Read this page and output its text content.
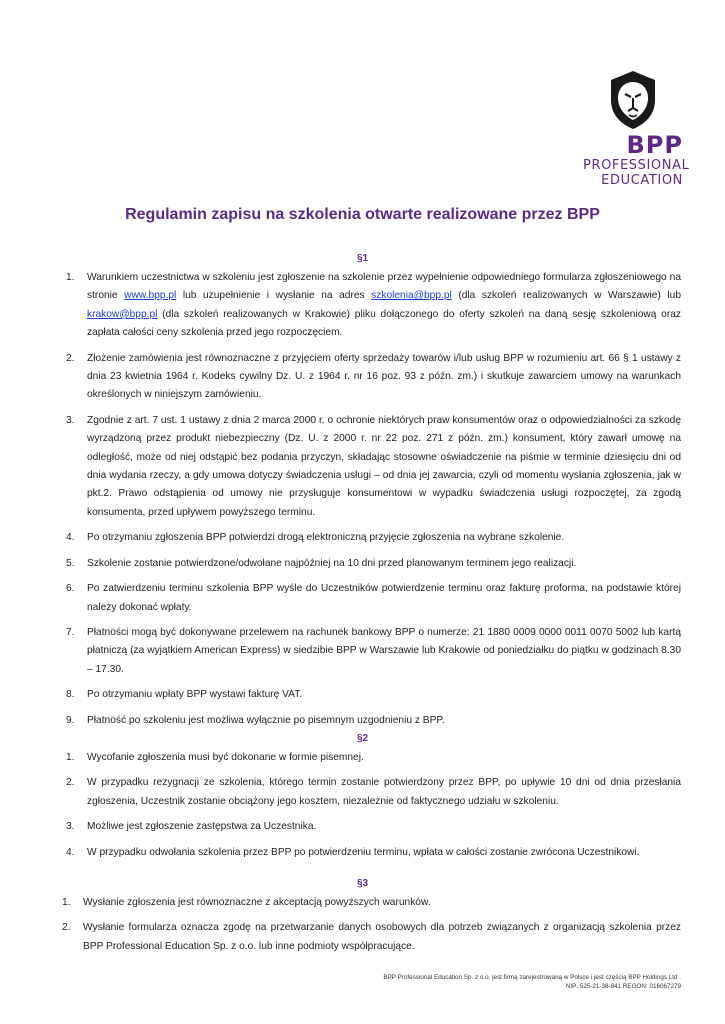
BPP
PROFESSIONAL
EDUCATION
Regulamin zapisu na szkolenia otwarte realizowane przez BPP
§1
1. Warunkiem uczestnictwa w szkoleniu jest zgłoszenie na szkolenie przez wypełnienie odpowiedniego formularza zgłoszeniowego na stronie www.bpp.pl lub uzupełnienie i wysłanie na adres szkolenia@bpp.pl (dla szkoleń realizowanych w Warszawie) lub krakow@bpp.pl (dla szkoleń realizowanych w Krakowie) pliku dołączonego do oferty szkoleń na daną sesję szkoleniową oraz zapłata całości ceny szkolenia przed jego rozpoczęciem.
2. Złożenie zamówienia jest równoznaczne z przyjęciem oferty sprzedaży towarów i/lub usług BPP w rozumieniu art. 66 § 1 ustawy z dnia 23 kwietnia 1964 r. Kodeks cywilny Dz. U. z 1964 r. nr 16 poz. 93 z późn. zm.) i skutkuje zawarciem umowy na warunkach określonych w niniejszym zamówieniu.
3. Zgodnie z art. 7 ust. 1 ustawy z dnia 2 marca 2000 r. o ochronie niektórych praw konsumentów oraz o odpowiedzialności za szkodę wyrządzoną przez produkt niebezpieczny (Dz. U. z 2000 r. nr 22 poz. 271 z późn. zm.) konsument, który zawarł umowę na odległość, może od niej odstąpić bez podania przyczyn, składając stosowne oświadczenie na piśmie w terminie dziesięciu dni od dnia wydania rzeczy, a gdy umowa dotyczy świadczenia usługi – od dnia jej zawarcia, czyli od momentu wysłania zgłoszenia, jak w pkt.2. Prawo odstąpienia od umowy nie przysługuje konsumentowi w wypadku świadczenia usługi rozpoczętej, za zgodą konsumenta, przed upływem powyższego terminu.
4. Po otrzymaniu zgłoszenia BPP potwierdzi drogą elektroniczną przyjęcie zgłoszenia na wybrane szkolenie.
5. Szkolenie zostanie potwierdzone/odwołane najpóźniej na 10 dni przed planowanym terminem jego realizacji.
6. Po zatwierdzeniu terminu szkolenia BPP wyśle do Uczestników potwierdzenie terminu oraz fakturę proforma, na podstawie której należy dokonać wpłaty.
7. Płatności mogą być dokonywane przelewem na rachunek bankowy BPP o numerze: 21 1880 0009 0000 0011 0070 5002 lub kartą płatniczą (za wyjątkiem American Express) w siedzibie BPP w Warszawie lub Krakowie od poniedziałku do piątku w godzinach 8.30 – 17.30.
8. Po otrzymaniu wpłaty BPP wystawi fakturę VAT.
9. Płatność po szkoleniu jest możliwa wyłącznie po pisemnym uzgodnieniu z BPP.
§2
1. Wycofanie zgłoszenia musi być dokonane w formie pisemnej.
2. W przypadku rezygnacji ze szkolenia, którego termin zostanie potwierdzony przez BPP, po upływie 10 dni od dnia przesłania zgłoszenia, Uczestnik zostanie obciążony jego kosztem, niezależnie od faktycznego udziału w szkoleniu.
3. Możliwe jest zgłoszenie zastępstwa za Uczestnika.
4. W przypadku odwołania szkolenia przez BPP po potwierdzeniu terminu, wpłata w całości zostanie zwrócona Uczestnikowi.
§3
1. Wysłanie zgłoszenia jest równoznaczne z akceptacją powyższych warunków.
2. Wysłanie formularza oznacza zgodę na przetwarzanie danych osobowych dla potrzeb związanych z organizacją szkolenia przez BPP Professional Education Sp. z o.o. lub inne podmioty współpracujące.
BPP Professional Education Sp. z o.o. jest firmą zarejestrowaną w Polsce i jest częścią BPP Holdings Ltd .
NIP: 525-21-38-841 REGON: 016067279
